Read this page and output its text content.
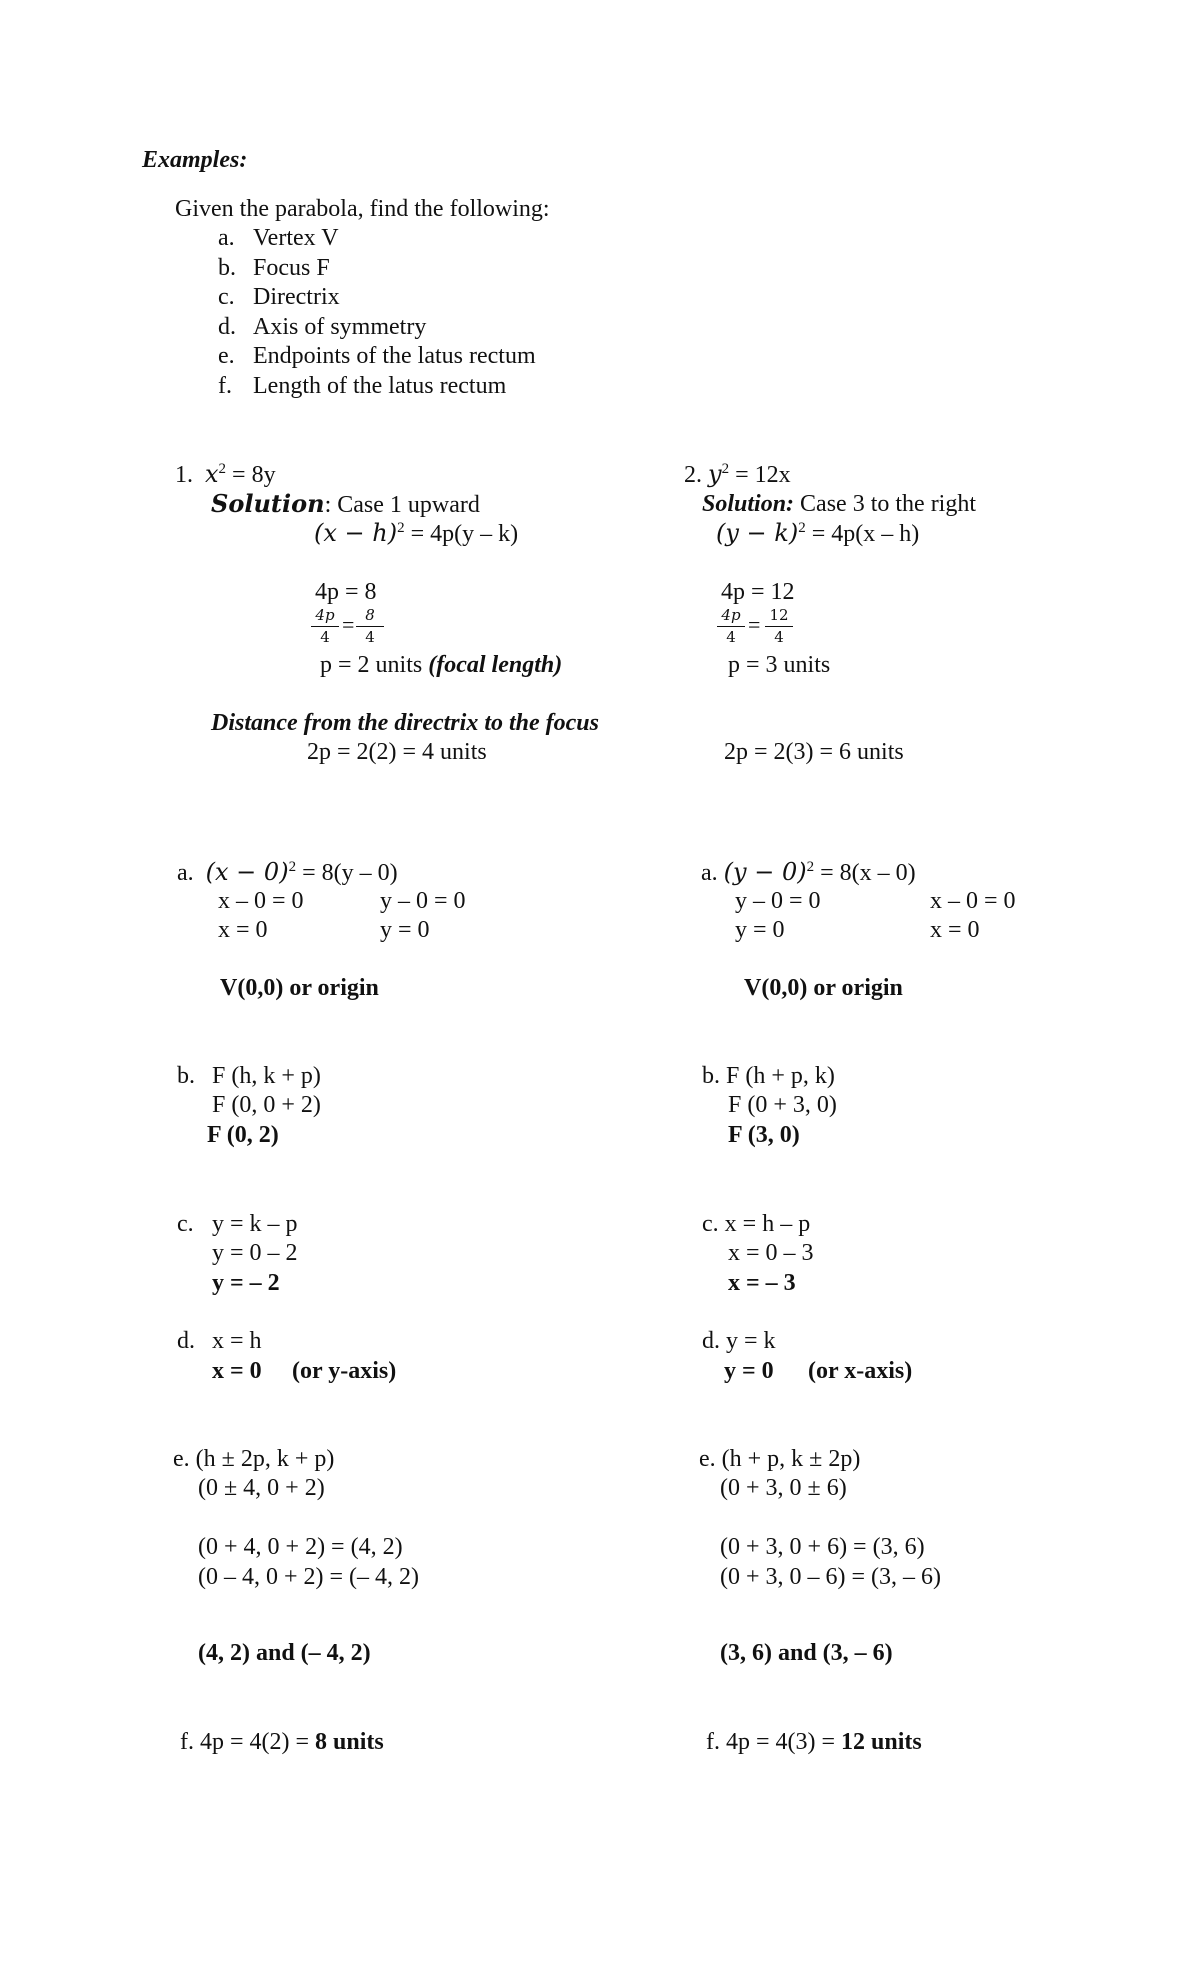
Examples:
Given the parabola, find the following:
a. Vertex V
b. Focus F
c. Directrix
d. Axis of symmetry
e. Endpoints of the latus rectum
f. Length of the latus rectum
1. $x^2 = 8y$
Solution: Case 1 upward
$(x - h)^2 = 4p(y - k)$
4p = 8
4p
4
= 8
4
p = 2 units (focal length)
Distance from the directrix to the focus
2p = 2(2) = 4 units
a. $(x - 0)^2 = 8(y - 0)$
x – 0 = 0
x = 0
y – 0 = 0
y = 0
V(0,0) or origin
b. F (h, k + p)
F (0, 0 + 2)
F (0, 2)
c. y = k – p
y = 0 – 2
y = – 2
d. x = h
x = 0 (or y-axis)
e. (h ± 2p, k + p)
(0 ± 4, 0 + 2)
(0 + 4, 0 + 2) = (4, 2)
(0 – 4, 0 + 2) = (– 4, 2)
(4, 2) and (– 4, 2)
f. 4p = 4(2) = 8 units
2. $y^2 = 12x$
Solution: Case 3 to the right
$(y - k)^2 = 4p(x - h)$
4p = 12
4p
4
= 12
4
p = 3 units
2p = 2(3) = 6 units
a. $(y - 0)^2 = 8(x - 0)$
y – 0 = 0
y = 0
x – 0 = 0
x = 0
V(0,0) or origin
b. F (h + p, k)
F (0 + 3, 0)
F (3, 0)
c. x = h – p
x = 0 – 3
x = – 3
d. y = k
y = 0 (or x-axis)
e. (h + p, k ± 2p)
(0 + 3, 0 ± 6)
(0 + 3, 0 + 6) = (3, 6)
(0 + 3, 0 – 6) = (3, – 6)
(3, 6) and (3, – 6)
f. 4p = 4(3) = 12 units
